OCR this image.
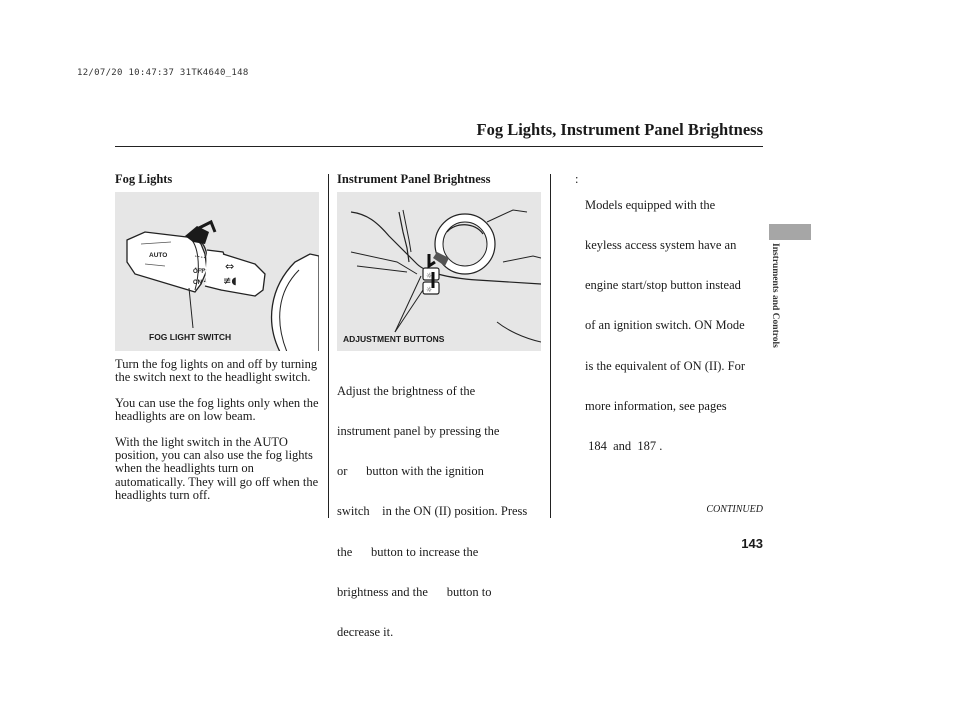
12/07/20 10:47:37 31TK4640_148
Fog Lights, Instrument Panel Brightness
Fog Lights
⇔
≢◖
AUTO
OFF
ON
FOG LIGHT SWITCH

Turn the fog lights on and off by turning the switch next to the headlight switch.

You can use the fog lights only when the headlights are on low beam.

With the light switch in the AUTO position, you can also use the fog lights when the headlights turn on automatically. They will go off when the headlights turn off.

Instrument Panel Brightness
☼
☼
ADJUSTMENT BUTTONS

Adjust the brightness of the

instrument panel by pressing the

or      button with the ignition

switch    in the ON (II) position. Press

the      button to increase the

brightness and the      button to

decrease it.

:

Models equipped with the

keyless access system have an

engine start/stop button instead

of an ignition switch. ON Mode

is the equivalent of ON (II). For

more information, see pages

184  and  187 .

Instruments and Controls
CONTINUED
143
